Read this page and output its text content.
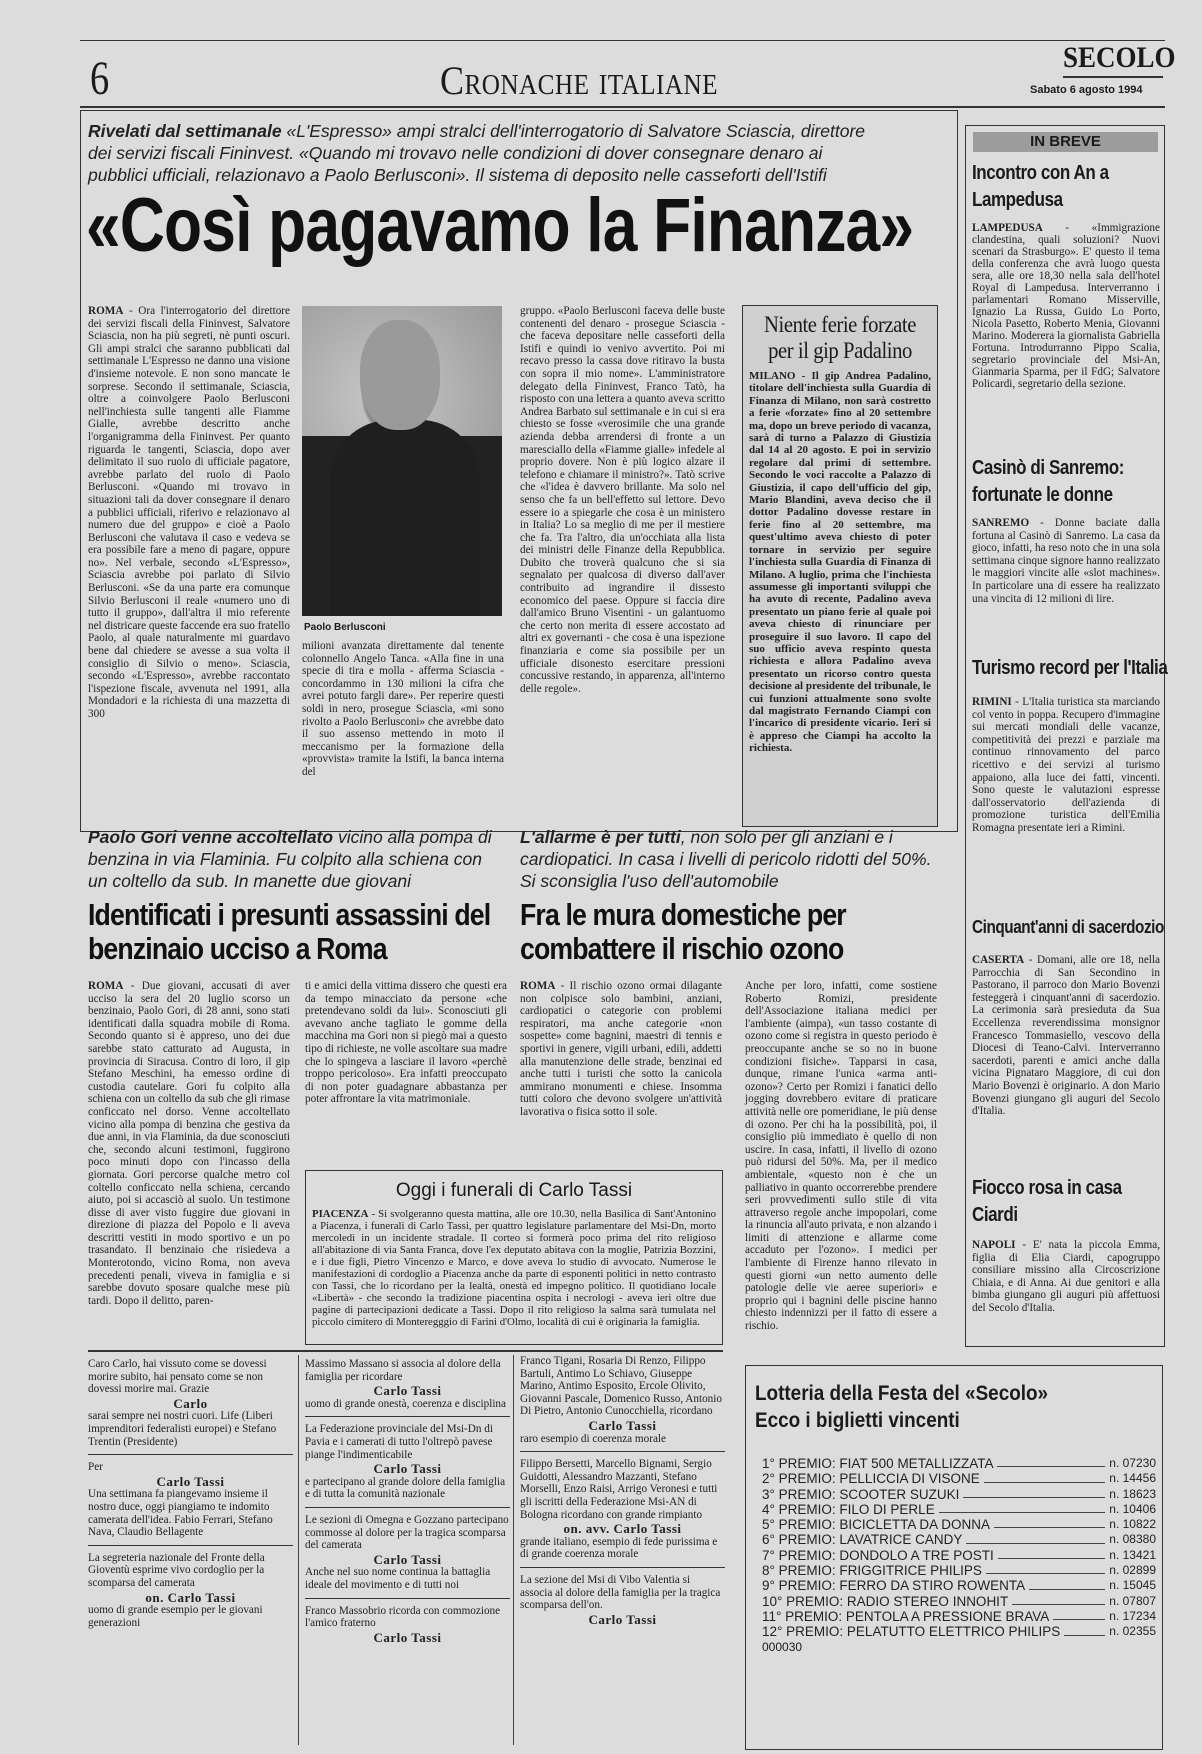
6	Cronache italiane
SECOLO
Sabato 6 agosto 1994
Rivelati dal settimanale «L'Espresso» ampi stralci dell'interrogatorio di Salvatore Sciascia, direttore dei servizi fiscali Fininvest. «Quando mi trovavo nelle condizioni di dover consegnare denaro ai pubblici ufficiali, relazionavo a Paolo Berlusconi». Il sistema di deposito nelle casseforti dell'Istifi
«Così pagavamo la Finanza»
ROMA - Ora l'interrogatorio del direttore dei servizi fiscali della Fininvest, Salvatore Sciascia, non ha più segreti, nè punti oscuri. Gli ampi stralci che saranno pubblicati dal settimanale L'Espresso ne danno una visione d'insieme notevole. E non sono mancate le sorprese. Secondo il settimanale, Sciascia, oltre a coinvolgere Paolo Berlusconi nell'inchiesta sulle tangenti alle Fiamme Gialle, avrebbe descritto anche l'organigramma della Fininvest. Per quanto riguarda le tangenti, Sciascia, dopo aver delimitato il suo ruolo di ufficiale pagatore, avrebbe parlato del ruolo di Paolo Berlusconi. «Quando mi trovavo in situazioni tali da dover consegnare il denaro a pubblici ufficiali, riferivo e relazionavo al numero due del gruppo» e cioè a Paolo Berlusconi che valutava il caso e vedeva se era possibile fare a meno di pagare, oppure no». Nel verbale, secondo «L'Espresso», Sciascia avrebbe poi parlato di Silvio Berlusconi. «Se da una parte era comunque Silvio Berlusconi il reale «numero uno di tutto il gruppo», dall'altra il mio referente nel districare queste faccende era suo fratello Paolo, al quale naturalmente mi guardavo bene dal chiedere se avesse a sua volta il consiglio di Silvio o meno». Sciascia, secondo «L'Espresso», avrebbe raccontato l'ispezione fiscale, avvenuta nel 1991, alla Mondadori e la richiesta di una mazzetta di 300
Paolo Berlusconi
milioni avanzata direttamente dal tenente colonnello Angelo Tanca. «Alla fine in una specie di tira e molla - afferma Sciascia - concordammo in 130 milioni la cifra che avrei potuto fargli dare». Per reperire questi soldi in nero, prosegue Sciascia, «mi sono rivolto a Paolo Berlusconi» che avrebbe dato il suo assenso mettendo in moto il meccanismo per la formazione della «provvista» tramite la Istifi, la banca interna del
gruppo. «Paolo Berlusconi faceva delle buste contenenti del denaro - prosegue Sciascia - che faceva depositare nelle casseforti della Istifi e quindi io venivo avvertito. Poi mi recavo presso la cassa dove ritiravo la busta con sopra il mio nome». L'amministratore delegato della Fininvest, Franco Tatò, ha risposto con una lettera a quanto aveva scritto Andrea Barbato sul settimanale e in cui si era chiesto se fosse «verosimile che una grande azienda debba arrendersi di fronte a un maresciallo della «Fiamme gialle» infedele al proprio dovere. Non è più logico alzare il telefono e chiamare il ministro?». Tatò scrive che «l'idea è davvero brillante. Ma solo nel senso che fa un bell'effetto sul lettore. Devo essere io a spiegarle che cosa è un ministero in Italia? Lo sa meglio di me per il mestiere che fa. Tra l'altro, dia un'occhiata alla lista dei ministri delle Finanze della Repubblica. Dubito che troverà qualcuno che si sia segnalato per qualcosa di diverso dall'aver contribuito ad ingrandire il dissesto economico del paese. Oppure si faccia dire dall'amico Bruno Visentini - un galantuomo che certo non merita di essere accostato ad altri ex governanti - che cosa è una ispezione finanziaria e come sia possibile per un ufficiale disonesto esercitare pressioni concussive restando, in apparenza, all'interno delle regole».
Niente ferie forzate per il gip Padalino
MILANO - Il gip Andrea Padalino, titolare dell'inchiesta sulla Guardia di Finanza di Milano, non sarà costretto a ferie «forzate» fino al 20 settembre ma, dopo un breve periodo di vacanza, sarà di turno a Palazzo di Giustizia dal 14 al 20 agosto. E poi in servizio regolare dal primi di settembre. Secondo le voci raccolte a Palazzo di Giustizia, il capo dell'ufficio del gip, Mario Blandini, aveva deciso che il dottor Padalino dovesse restare in ferie fino al 20 settembre, ma quest'ultimo aveva chiesto di poter tornare in servizio per seguire l'inchiesta sulla Guardia di Finanza di Milano. A luglio, prima che l'inchiesta assumesse gli importanti sviluppi che ha avuto di recente, Padalino aveva presentato un piano ferie al quale poi aveva chiesto di rinunciare per proseguire il suo lavoro. Il capo del suo ufficio aveva respinto questa richiesta e allora Padalino aveva presentato un ricorso contro questa decisione al presidente del tribunale, le cui funzioni attualmente sono svolte dal magistrato Fernando Ciampi con l'incarico di presidente vicario. Ieri si è appreso che Ciampi ha accolto la richiesta.
IN BREVE
Incontro con An a Lampedusa
LAMPEDUSA - «Immigrazione clandestina, quali soluzioni? Nuovi scenari da Strasburgo». E' questo il tema della conferenza che avrà luogo questa sera, alle ore 18,30 nella sala dell'hotel Royal di Lampedusa. Interverranno i parlamentari Romano Misserville, Ignazio La Russa, Guido Lo Porto, Nicola Pasetto, Roberto Menia, Giovanni Marino. Moderera la giornalista Gabriella Fortuna. Introdurranno Pippo Scalia, segretario provinciale del Msi-An, Gianmaria Sparma, per il FdG; Salvatore Policardi, segretario della sezione.
Casinò di Sanremo: fortunate le donne
SANREMO - Donne baciate dalla fortuna al Casinò di Sanremo. La casa da gioco, infatti, ha reso noto che in una sola settimana cinque signore hanno realizzato le maggiori vincite alle «slot machines». In particolare una di essere ha realizzato una vincita di 12 milioni di lire.
Turismo record per l'Italia
RIMINI - L'Italia turistica sta marciando col vento in poppa. Recupero d'immagine sui mercati mondiali delle vacanze, competitività dei prezzi e parziale ma continuo rinnovamento del parco ricettivo e dei servizi al turismo appaiono, alla luce dei fatti, vincenti. Sono queste le valutazioni espresse dall'osservatorio dell'azienda di promozione turistica dell'Emilia Romagna presentate ieri a Rimini.
Cinquant'anni di sacerdozio
CASERTA - Domani, alle ore 18, nella Parrocchia di San Secondino in Pastorano, il parroco don Mario Bovenzi festeggerà i cinquant'anni di sacerdozio. La cerimonia sarà presieduta da Sua Eccellenza reverendissima monsignor Francesco Tommasiello, vescovo della Diocesi di Teano-Calvi. Interverranno sacerdoti, parenti e amici anche dalla vicina Pignataro Maggiore, di cui don Mario Bovenzi è originario. A don Mario Bovenzi giungano gli auguri del Secolo d'Italia.
Fiocco rosa in casa Ciardi
NAPOLI - E' nata la piccola Emma, figlia di Elia Ciardi, capogruppo consiliare missino alla Circoscrizione Chiaia, e di Anna. Ai due genitori e alla bimba giungano gli auguri più affettuosi del Secolo d'Italia.
Paolo Gori venne accoltellato vicino alla pompa di benzina in via Flaminia. Fu colpito alla schiena con un coltello da sub. In manette due giovani
Identificati i presunti assassini del benzinaio ucciso a Roma
ROMA - Due giovani, accusati di aver ucciso la sera del 20 luglio scorso un benzinaio, Paolo Gori, di 28 anni, sono stati identificati dalla squadra mobile di Roma. Secondo quanto si è appreso, uno dei due sarebbe stato catturato ad Augusta, in provincia di Siracusa. Contro di loro, il gip Stefano Meschini, ha emesso ordine di custodia cautelare. Gori fu colpito alla schiena con un coltello da sub che gli rimase conficcato nel dorso. Venne accoltellato vicino alla pompa di benzina che gestiva da due anni, in via Flaminia, da due sconosciuti che, secondo alcuni testimoni, fuggirono poco minuti dopo con l'incasso della giornata. Gori percorse qualche metro col coltello conficcato nella schiena, cercando aiuto, poi si accasciò al suolo. Un testimone disse di aver visto fuggire due giovani in direzione di piazza del Popolo e li aveva descritti vestiti in modo sportivo e un po trasandato. Il benzinaio che risiedeva a Monterotondo, vicino Roma, non aveva precedenti penali, viveva in famiglia e si sarebbe dovuto sposare qualche mese più tardi. Dopo il delitto, paren-
ti e amici della vittima dissero che questi era da tempo minacciato da persone «che pretendevano soldi da lui». Sconosciuti gli avevano anche tagliato le gomme della macchina ma Gori non si piegò mai a questo tipo di richieste, ne volle ascoltare sua madre che lo spingeva a lasciare il lavoro «perchè troppo pericoloso». Era infatti preoccupato di non poter guadagnare abbastanza per poter affrontare la vita matrimoniale.
L'allarme è per tutti, non solo per gli anziani e i cardiopatici. In casa i livelli di pericolo ridotti del 50%. Si sconsiglia l'uso dell'automobile
Fra le mura domestiche per combattere il rischio ozono
ROMA - Il rischio ozono ormai dilagante non colpisce solo bambini, anziani, cardiopatici o categorie con problemi respiratori, ma anche categorie «non sospette» come bagnini, maestri di tennis e sportivi in genere, vigili urbani, edili, addetti alla manutenzione delle strade, benzinai ed anche tutti i turisti che sotto la canicola ammirano monumenti e chiese. Insomma tutti coloro che devono svolgere un'attività lavorativa o fisica sotto il sole.
Anche per loro, infatti, come sostiene Roberto Romizi, presidente dell'Associazione italiana medici per l'ambiente (aimpa), «un tasso costante di ozono come si registra in questo periodo è preoccupante anche se so no in buone condizioni fisiche». Tapparsi in casa, dunque, rimane l'unica «arma anti-ozono»? Certo per Romizi i fanatici dello jogging dovrebbero evitare di praticare attività nelle ore pomeridiane, le più dense di ozono. Per chi ha la possibilità, poi, il consiglio più immediato è quello di non uscire. In casa, infatti, il livello di ozono può ridursi del 50%. Ma, per il medico ambientale, «questo non è che un palliativo in quanto occorrerebbe prendere seri provvedimenti sullo stile di vita attraverso regole anche impopolari, come la rinuncia all'auto privata, e non alzando i limiti di attenzione e allarme come accaduto per l'ozono». I medici per l'ambiente di Firenze hanno rilevato in questi giorni «un netto aumento delle patologie delle vie aeree superiori» e proprio qui i bagnini delle piscine hanno chiesto indennizzi per il fatto di essere a rischio.
Oggi i funerali di Carlo Tassi
PIACENZA - Si svolgeranno questa mattina, alle ore 10.30, nella Basilica di Sant'Antonino a Piacenza, i funerali di Carlo Tassi, per quattro legislature parlamentare del Msi-Dn, morto mercoledì in un incidente stradale. Il corteo si formerà poco prima del rito religioso all'abitazione di via Santa Franca, dove l'ex deputato abitava con la moglie, Patrizia Bozzini, e i due figli, Pietro Vincenzo e Marco, e dove aveva lo studio di avvocato. Numerose le manifestazioni di cordoglio a Piacenza anche da parte di esponenti politici in netto contrasto con Tassi, che lo ricordano per la lealtà, onestà ed impegno politico. Il quotidiano locale «Libertà» - che secondo la tradizione piacentina ospita i necrologi - aveva ieri oltre due pagine di partecipazioni dedicate a Tassi. Dopo il rito religioso la salma sarà tumulata nel piccolo cimitero di Monteregggio di Farini d'Olmo, località di cui è originaria la famiglia.

Caro Carlo, hai vissuto come se dovessi morire subito, hai pensato come se non dovessi morire mai. Grazie

Carlo

sarai sempre nei nostri cuori. Life (Liberi imprenditori federalisti europei) e Stefano Trentin (Presidente)

Per

Carlo Tassi

Una settimana fa piangevamo insieme il nostro duce, oggi piangiamo te indomito camerata dell'idea. Fabio Ferrari, Stefano Nava, Claudio Bellagente

La segreteria nazionale del Fronte della Gioventù esprime vivo cordoglio per la scomparsa del camerata

on. Carlo Tassi

uomo di grande esempio per le giovani generazioni

Massimo Massano si associa al dolore della famiglia per ricordare

Carlo Tassi

uomo di grande onestà, coerenza e disciplina

La Federazione provinciale del Msi-Dn di Pavia e i camerati di tutto l'oltrepò pavese piange l'indimenticabile

Carlo Tassi

e partecipano al grande dolore della famiglia e di tutta la comunità nazionale

Le sezioni di Omegna e Gozzano partecipano commosse al dolore per la tragica scomparsa del camerata

Carlo Tassi

Anche nel suo nome continua la battaglia ideale del movimento e di tutti noi

Franco Massobrio ricorda con commozione l'amico fraterno

Carlo Tassi

Franco Tigani, Rosaria Di Renzo, Filippo Bartuli, Antimo Lo Schiavo, Giuseppe Marino, Antimo Esposito, Ercole Olivito, Giovanni Pascale, Domenico Russo, Antonio Di Pietro, Antonio Cunocchiella, ricordano

Carlo Tassi

raro esempio di coerenza morale

Filippo Bersetti, Marcello Bignami, Sergio Guidotti, Alessandro Mazzanti, Stefano Morselli, Enzo Raisi, Arrigo Veronesi e tutti gli iscritti della Federazione Msi-AN di Bologna ricordano con grande rimpianto

on. avv. Carlo Tassi

grande italiano, esempio di fede purissima e di grande coerenza morale

La sezione del Msi di Vibo Valentia si associa al dolore della famiglia per la tragica scomparsa dell'on.

Carlo Tassi
Lotteria della Festa del «Secolo» Ecco i biglietti vincenti
1° PREMIO: FIAT 500 METALLIZZATA	n. 07230
2° PREMIO: PELLICCIA DI VISONE	n. 14456
3° PREMIO: SCOOTER SUZUKI	n. 18623
4° PREMIO: FILO DI PERLE	n. 10406
5° PREMIO: BICICLETTA DA DONNA	n. 10822
6° PREMIO: LAVATRICE CANDY	n. 08380
7° PREMIO: DONDOLO A TRE POSTI	n. 13421
8° PREMIO: FRIGGITRICE PHILIPS	n. 02899
9° PREMIO: FERRO DA STIRO ROWENTA	n. 15045
10° PREMIO: RADIO STEREO INNOHIT	n. 07807
11° PREMIO: PENTOLA A PRESSIONE BRAVA	n. 17234
12° PREMIO: PELATUTTO ELETTRICO PHILIPS	n. 02355
000030
